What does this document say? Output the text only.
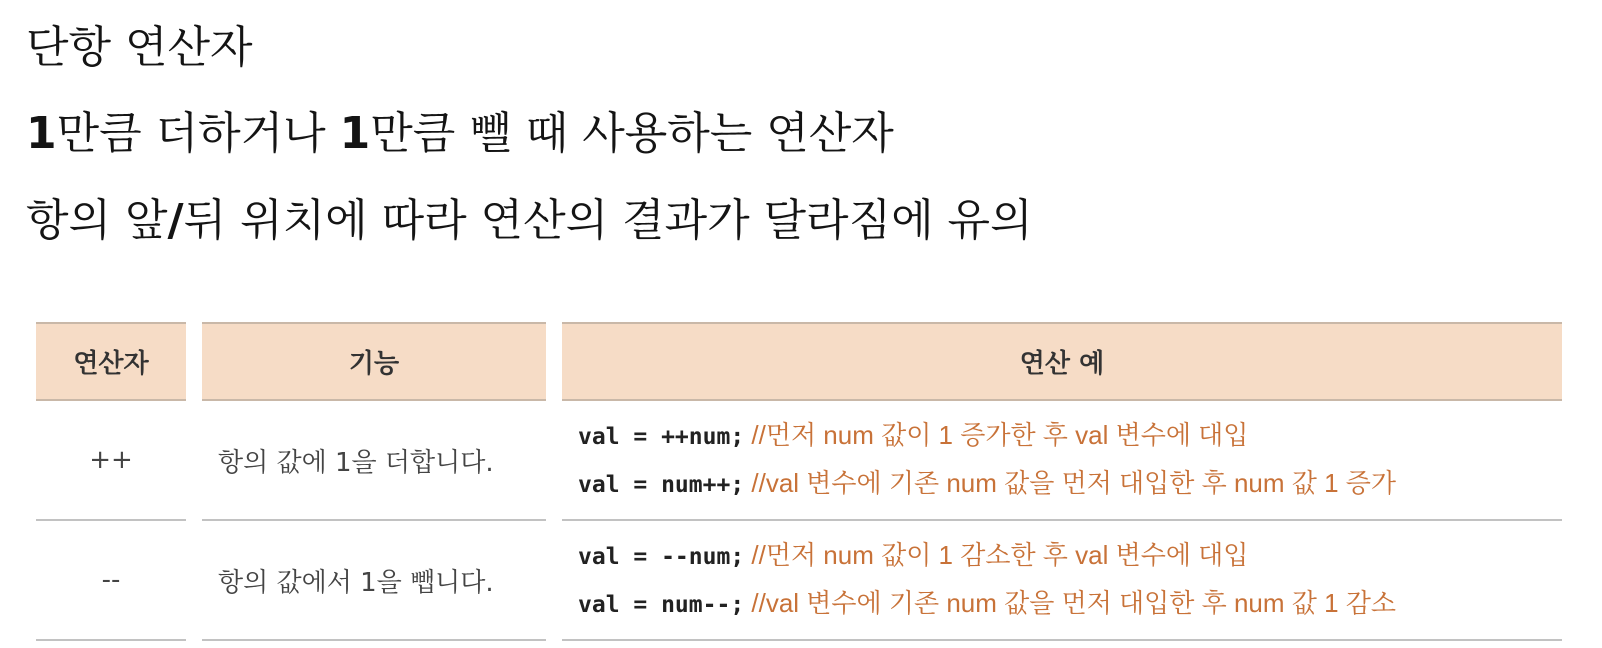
단항 연산자
1만큼 더하거나 1만큼 뺄 때 사용하는 연산자
항의 앞/뒤 위치에 따라 연산의 결과가 달라짐에 유의
연산자	기능	연산 예
++	항의 값에 1을 더합니다.	val = ++num; //먼저 num 값이 1 증가한 후 val 변수에 대입
val = num++; //val 변수에 기존 num 값을 먼저 대입한 후 num 값 1 증가

--	항의 값에서 1을 뺍니다.	val = --num; //먼저 num 값이 1 감소한 후 val 변수에 대입
val = num--; //val 변수에 기존 num 값을 먼저 대입한 후 num 값 1 감소
